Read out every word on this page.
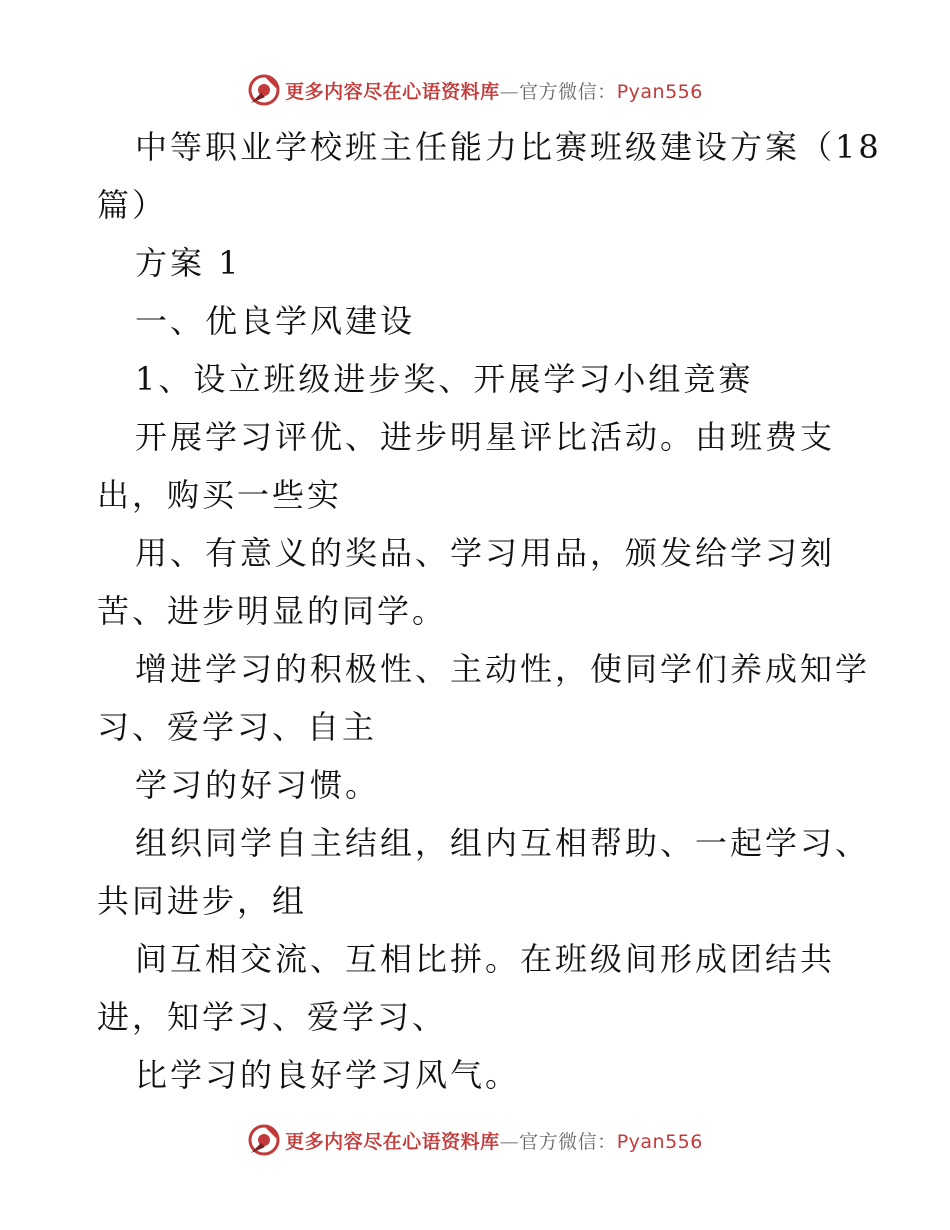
更多内容尽在心语资料库—官方微信：Pyan556
中等职业学校班主任能力比赛班级建设方案（18
篇）
方案 1
一、优良学风建设
1、设立班级进步奖、开展学习小组竞赛
开展学习评优、进步明星评比活动。由班费支
出，购买一些实
用、有意义的奖品、学习用品，颁发给学习刻
苦、进步明显的同学。
增进学习的积极性、主动性，使同学们养成知学
习、爱学习、自主
学习的好习惯。
组织同学自主结组，组内互相帮助、一起学习、
共同进步，组
间互相交流、互相比拼。在班级间形成团结共
进，知学习、爱学习、
比学习的良好学习风气。
更多内容尽在心语资料库—官方微信：Pyan556
